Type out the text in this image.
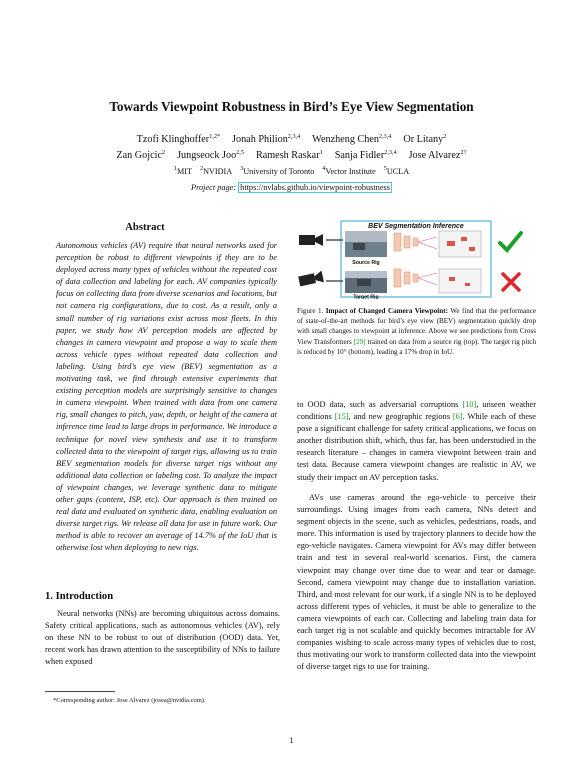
Towards Viewpoint Robustness in Bird’s Eye View Segmentation
Tzofi Klinghoffer$^{1,2*}$ Jonah Philion$^{2,3,4}$ Wenzheng Chen$^{2,3,4}$ Or Litany$^2$
Zan Gojcic$^2$ Jungseock Joo$^{2,5}$ Ramesh Raskar$^1$ Sanja Fidler$^{2,3,4}$ Jose Alvarez$^{2\dagger}$
$^1$MIT $^2$NVIDIA $^3$University of Toronto $^4$Vector Institute $^5$UCLA
Project page: https://nvlabs.github.io/viewpoint-robustness
Abstract
Autonomous vehicles (AV) require that neural networks used for perception be robust to different viewpoints if they are to be deployed across many types of vehicles without the repeated cost of data collection and labeling for each. AV companies typically focus on collecting data from diverse scenarios and locations, but not camera rig configurations, due to cost. As a result, only a small number of rig variations exist across most fleets. In this paper, we study how AV perception models are affected by changes in camera viewpoint and propose a way to scale them across vehicle types without repeated data collection and labeling. Using bird’s eye view (BEV) segmentation as a motivating task, we find through extensive experiments that existing perception models are surprisingly sensitive to changes in camera viewpoint. When trained with data from one camera rig, small changes to pitch, yaw, depth, or height of the camera at inference time lead to large drops in performance. We introduce a technique for novel view synthesis and use it to transform collected data to the viewpoint of target rigs, allowing us to train BEV segmentation models for diverse target rigs without any additional data collection or labeling cost. To analyze the impact of viewpoint changes, we leverage synthetic data to mitigate other gaps (content, ISP, etc). Our approach is then trained on real data and evaluated on synthetic data, enabling evaluation on diverse target rigs. We release all data for use in future work. Our method is able to recover an average of 14.7% of the IoU that is otherwise lost when deploying to new rigs.
1. Introduction
Neural networks (NNs) are becoming ubiquitous across domains. Safety critical applications, such as autonomous vehicles (AV), rely on these NN to be robust to out of distribution (OOD) data. Yet, recent work has drawn attention to the susceptibility of NNs to failure when exposed
*Corresponding author: Jose Alvarez (josea@nvidia.com).
BEV Segmentation Inference
Source Rig
Target Rig
Figure 1. Impact of Changed Camera Viewpoint: We find that the performance of state-of-the-art methods for bird’s eye view (BEV) segmentation quickly drop with small changes to viewpoint at inference. Above we see predictions from Cross View Transformers [29] trained on data from a source rig (top). The target rig pitch is reduced by 10° (bottom), leading a 17% drop in IoU.
to OOD data, such as adversarial corruptions [10], unseen weather conditions [15], and new geographic regions [6]. While each of these pose a significant challenge for safety critical applications, we focus on another distribution shift, which, thus far, has been understudied in the research literature – changes in camera viewpoint between train and test data. Because camera viewpoint changes are realistic in AV, we study their impact on AV perception tasks.
AVs use cameras around the ego-vehicle to perceive their surroundings. Using images from each camera, NNs detect and segment objects in the scene, such as vehicles, pedestrians, roads, and more. This information is used by trajectory planners to decide how the ego-vehicle navigates. Camera viewpoint for AVs may differ between train and test in several real-world scenarios. First, the camera viewpoint may change over time due to wear and tear or damage. Second, camera viewpoint may change due to installation variation. Third, and most relevant for our work, if a single NN is to be deployed across different types of vehicles, it must be able to generalize to the camera viewpoints of each car. Collecting and labeling train data for each target rig is not scalable and quickly becomes intractable for AV companies wishing to scale across many types of vehicles due to cost, thus motivating our work to transform collected data into the viewpoint of diverse target rigs to use for training.
1
